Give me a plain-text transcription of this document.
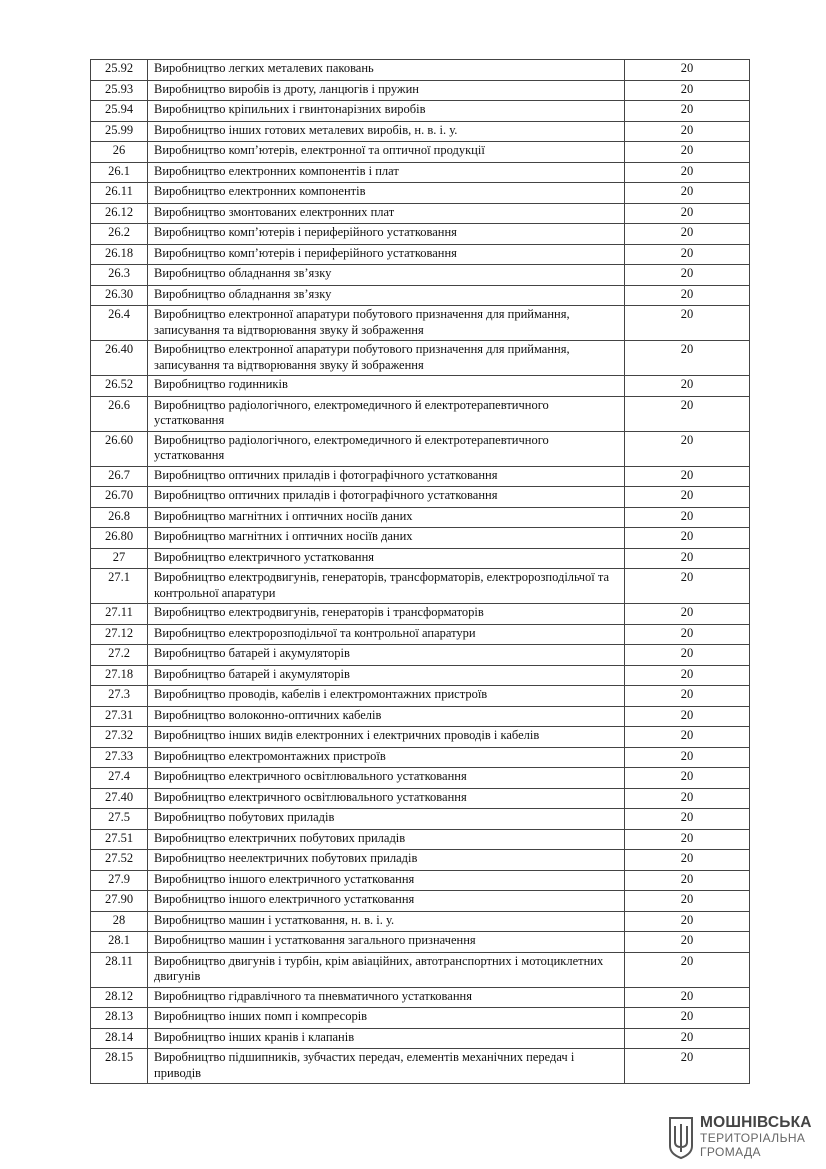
25.92	Виробництво легких металевих паковань	20
25.93	Виробництво виробів із дроту, ланцюгів і пружин	20
25.94	Виробництво кріпильних і гвинтонарізних виробів	20
25.99	Виробництво інших готових металевих виробів, н. в. і. у.	20
26	Виробництво комп’ютерів, електронної та оптичної продукції	20
26.1	Виробництво електронних компонентів і плат	20
26.11	Виробництво електронних компонентів	20
26.12	Виробництво змонтованих електронних плат	20
26.2	Виробництво комп’ютерів і периферійного устатковання	20
26.18	Виробництво комп’ютерів і периферійного устатковання	20
26.3	Виробництво обладнання зв’язку	20
26.30	Виробництво обладнання зв’язку	20
26.4	Виробництво електронної апаратури побутового призначення для приймання, записування та відтворювання звуку й зображення	20
26.40	Виробництво електронної апаратури побутового призначення для приймання, записування та відтворювання звуку й зображення	20
26.52	Виробництво годинників	20
26.6	Виробництво радіологічного, електромедичного й електротерапевтичного устатковання	20
26.60	Виробництво радіологічного, електромедичного й електротерапевтичного устатковання	20
26.7	Виробництво оптичних приладів і фотографічного устатковання	20
26.70	Виробництво оптичних приладів і фотографічного устатковання	20
26.8	Виробництво магнітних і оптичних носіїв даних	20
26.80	Виробництво магнітних і оптичних носіїв даних	20
27	Виробництво електричного устатковання	20
27.1	Виробництво електродвигунів, генераторів, трансформаторів, електророзподільчої та контрольної апаратури	20
27.11	Виробництво електродвигунів, генераторів і трансформаторів	20
27.12	Виробництво електророзподільчої та контрольної апаратури	20
27.2	Виробництво батарей і акумуляторів	20
27.18	Виробництво батарей і акумуляторів	20
27.3	Виробництво проводів, кабелів і електромонтажних пристроїв	20
27.31	Виробництво волоконно-оптичних кабелів	20
27.32	Виробництво інших видів електронних і електричних проводів і кабелів	20
27.33	Виробництво електромонтажних пристроїв	20
27.4	Виробництво електричного освітлювального устатковання	20
27.40	Виробництво електричного освітлювального устатковання	20
27.5	Виробництво побутових приладів	20
27.51	Виробництво електричних побутових приладів	20
27.52	Виробництво неелектричних побутових приладів	20
27.9	Виробництво іншого електричного устатковання	20
27.90	Виробництво іншого електричного устатковання	20
28	Виробництво машин і устатковання, н. в. і. у.	20
28.1	Виробництво машин і устатковання загального призначення	20
28.11	Виробництво двигунів і турбін, крім авіаційних, автотранспортних і мотоциклетних двигунів	20
28.12	Виробництво гідравлічного та пневматичного устатковання	20
28.13	Виробництво інших помп і компресорів	20
28.14	Виробництво інших кранів і клапанів	20
28.15	Виробництво підшипників, зубчастих передач, елементів механічних передач і приводів	20
МОШНІВСЬКА
ТЕРИТОРІАЛЬНА
ГРОМАДА
